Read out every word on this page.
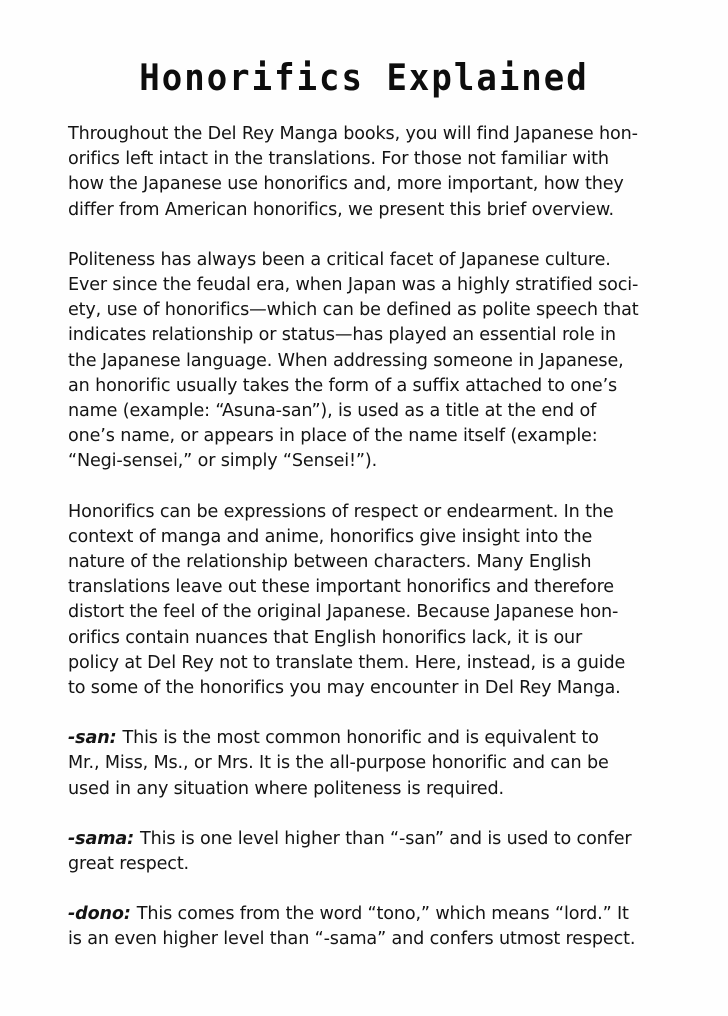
Honorifics Explained

Throughout the Del Rey Manga books, you will find Japanese hon-
orifics left intact in the translations. For those not familiar with
how the Japanese use honorifics and, more important, how they
differ from American honorifics, we present this brief overview.

Politeness has always been a critical facet of Japanese culture.
Ever since the feudal era, when Japan was a highly stratified soci-
ety, use of honorifics—which can be defined as polite speech that
indicates relationship or status—has played an essential role in
the Japanese language. When addressing someone in Japanese,
an honorific usually takes the form of a suffix attached to one’s
name (example: “Asuna-san”), is used as a title at the end of
one’s name, or appears in place of the name itself (example:
“Negi-sensei,” or simply “Sensei!”).

Honorifics can be expressions of respect or endearment. In the
context of manga and anime, honorifics give insight into the
nature of the relationship between characters. Many English
translations leave out these important honorifics and therefore
distort the feel of the original Japanese. Because Japanese hon-
orifics contain nuances that English honorifics lack, it is our
policy at Del Rey not to translate them. Here, instead, is a guide
to some of the honorifics you may encounter in Del Rey Manga.

-san: This is the most common honorific and is equivalent to
Mr., Miss, Ms., or Mrs. It is the all-purpose honorific and can be
used in any situation where politeness is required.

-sama: This is one level higher than “-san” and is used to confer
great respect.

-dono: This comes from the word “tono,” which means “lord.” It
is an even higher level than “-sama” and confers utmost respect.
